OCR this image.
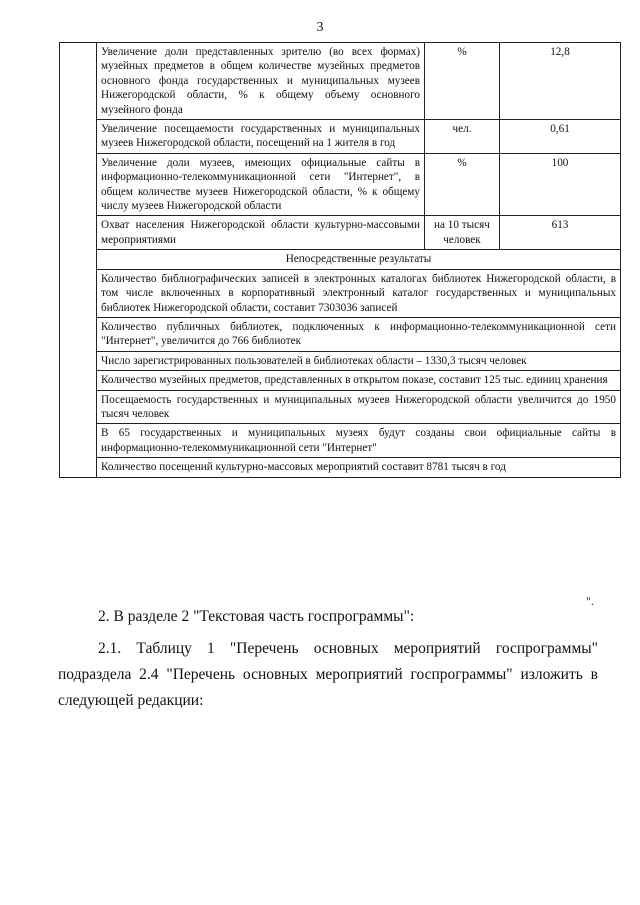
3
	Увеличение доли представленных зрителю (во всех формах) музейных предметов в общем количестве музейных предметов основного фонда государственных и муниципальных музеев Нижегородской области, % к общему объему основного музейного фонда	%	12,8
	Увеличение посещаемости государственных и муниципальных музеев Нижегородской области, посещений на 1 жителя в год	чел.	0,61
	Увеличение доли музеев, имеющих официальные сайты в информационно-телекоммуникационной сети "Интернет", в общем количестве музеев Нижегородской области, % к общему числу музеев Нижегородской области	%	100
	Охват населения Нижегородской области культурно-массовыми мероприятиями	на 10 тысяч человек	613
	Непосредственные результаты		
	Количество библиографических записей в электронных каталогах библиотек Нижегородской области, в том числе включенных в корпоративный электронный каталог государственных и муниципальных библиотек Нижегородской области, составит 7303036 записей		
	Количество публичных библиотек, подключенных к информационно-телекоммуникационной сети "Интернет", увеличится до 766 библиотек		
	Число зарегистрированных пользователей в библиотеках области – 1330,3 тысяч человек		
	Количество музейных предметов, представленных в открытом показе, составит 125 тыс. единиц хранения		
	Посещаемость государственных и муниципальных музеев Нижегородской области увеличится до 1950 тысяч человек		
	В 65 государственных и муниципальных музеях будут созданы свои официальные сайты в информационно-телекоммуникационной сети "Интернет"		
	Количество посещений культурно-массовых мероприятий составит 8781 тысяч в год		
".

2. В разделе 2 "Текстовая часть госпрограммы":

2.1. Таблицу 1 "Перечень основных мероприятий госпрограммы" подраздела 2.4 "Перечень основных мероприятий госпрограммы" изложить в следующей редакции:
